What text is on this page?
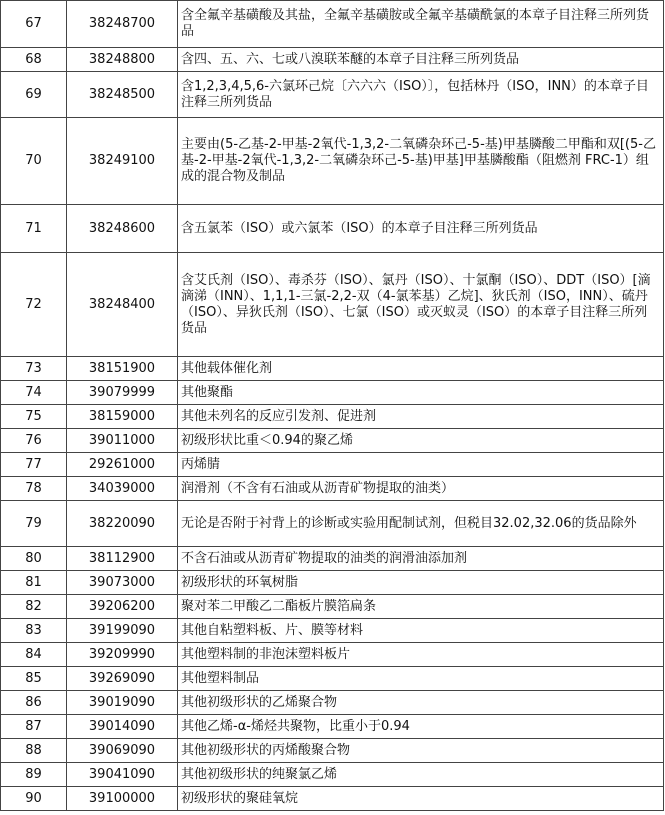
67	38248700	含全氟辛基磺酸及其盐，全氟辛基磺胺或全氟辛基磺酰氯的本章子目注释三所列货品
68	38248800	含四、五、六、七或八溴联苯醚的本章子目注释三所列货品
69	38248500	含1,2,3,4,5,6-六氯环己烷〔六六六（ISO）〕，包括林丹（ISO，INN）的本章子目注释三所列货品
70	38249100	主要由(5-乙基-2-甲基-2氧代-1,3,2-二氧磷杂环己-5-基)甲基膦酸二甲酯和双[(5-乙基-2-甲基-2氧代-1,3,2-二氧磷杂环己-5-基)甲基]甲基膦酸酯（阻燃剂 FRC-1）组成的混合物及制品
71	38248600	含五氯苯（ISO）或六氯苯（ISO）的本章子目注释三所列货品
72	38248400	含艾氏剂（ISO）、毒杀芬（ISO）、氯丹（ISO）、十氯酮（ISO）、DDT（ISO）[滴滴涕（INN）、1,1,1-三氯-2,2-双（4-氯苯基）乙烷]、狄氏剂（ISO，INN）、硫丹（ISO）、异狄氏剂（ISO）、七氯（ISO）或灭蚁灵（ISO）的本章子目注释三所列货品
73	38151900	其他载体催化剂
74	39079999	其他聚酯
75	38159000	其他未列名的反应引发剂、促进剂
76	39011000	初级形状比重＜0.94的聚乙烯
77	29261000	丙烯腈
78	34039000	润滑剂（不含有石油或从沥青矿物提取的油类）
79	38220090	无论是否附于衬背上的诊断或实验用配制试剂，但税目32.02,32.06的货品除外
80	38112900	不含石油或从沥青矿物提取的油类的润滑油添加剂
81	39073000	初级形状的环氧树脂
82	39206200	聚对苯二甲酸乙二酯板片膜箔扁条
83	39199090	其他自粘塑料板、片、膜等材料
84	39209990	其他塑料制的非泡沫塑料板片
85	39269090	其他塑料制品
86	39019090	其他初级形状的乙烯聚合物
87	39014090	其他乙烯-α-烯烃共聚物，比重小于0.94
88	39069090	其他初级形状的丙烯酸聚合物
89	39041090	其他初级形状的纯聚氯乙烯
90	39100000	初级形状的聚硅氧烷
